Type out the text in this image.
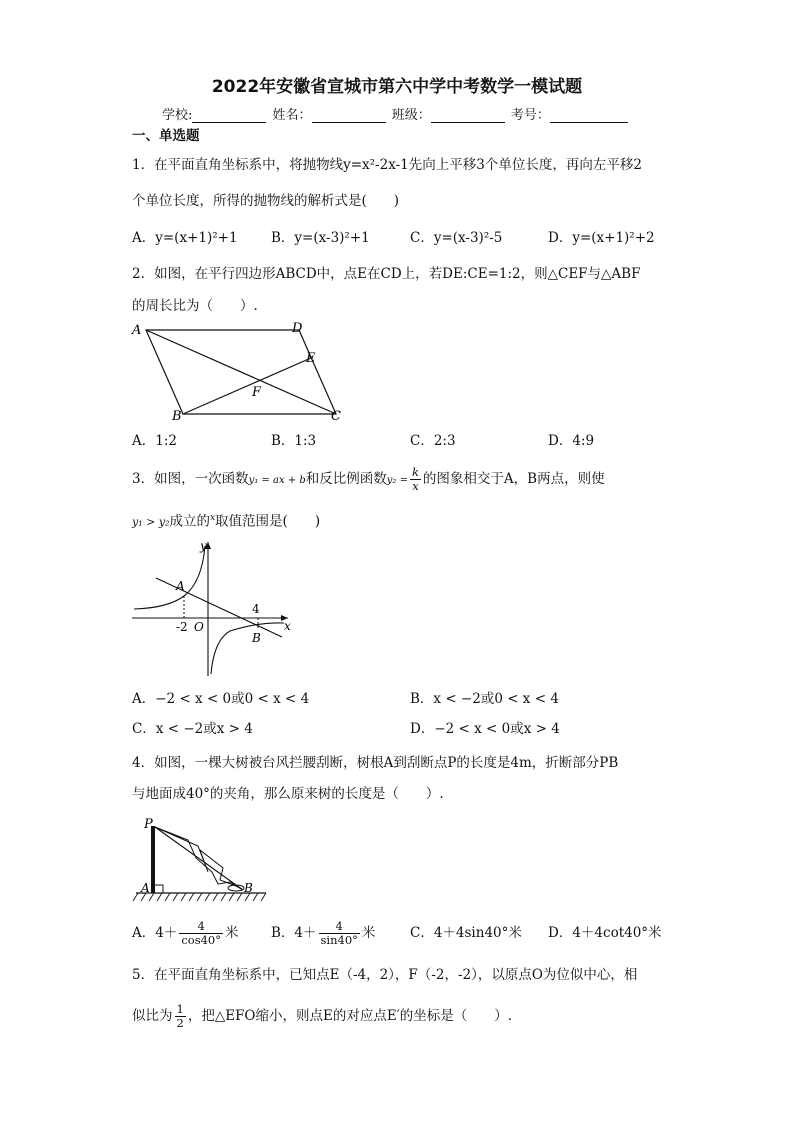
2022年安徽省宣城市第六中学中考数学一模试题
学校:	姓名：	班级：	考号：
一、单选题
1．在平面直角坐标系中，将抛物线y=x²-2x-1先向上平移3个单位长度，再向左平移2
个单位长度，所得的抛物线的解析式是(　　)
A．y=(x+1)²+1 B．y=(x-3)²+1	C．y=(x-3)²-5	D．y=(x+1)²+2
2．如图，在平行四边形ABCD中，点E在CD上，若DE:CE=1:2，则△CEF与△ABF
的周长比为（　　）.
A	D
E
F
B	C
A．1:2	B．1:3	C．2:3	D．4:9
3．如图，一次函数y₁ = ax + b和反比例函数$y_2 = \frac{k}{x}$ 的图象相交于A，B两点，则使
y₁ > y₂成立的$^x$取值范围是(　　)
y
x
A
B
-2 O
4
A．−2 < x < 0或0 < x < 4	B．x < −2或0 < x < 4
C．x < −2或x > 4	D．−2 < x < 0或x > 4
4．如图，一棵大树被台风拦腰刮断，树根A到刮断点P的长度是4m，折断部分PB
与地面成40°的夹角，那么原来树的长度是（　　）.
P
A	B
A．$4+ \frac{4}{\cos 40^\circ}$ 米 B．$4+ \frac{4}{\sin 40^\circ}$ 米	C．4＋4sin40°米 D．4＋4cot40°米
5．在平面直角坐标系中，已知点E（-4，2），F（-2，-2），以原点O为位似中心，相
似比为 $\frac{1}{2}$ ，把△EFO缩小，则点E的对应点E′的坐标是（　　）.
